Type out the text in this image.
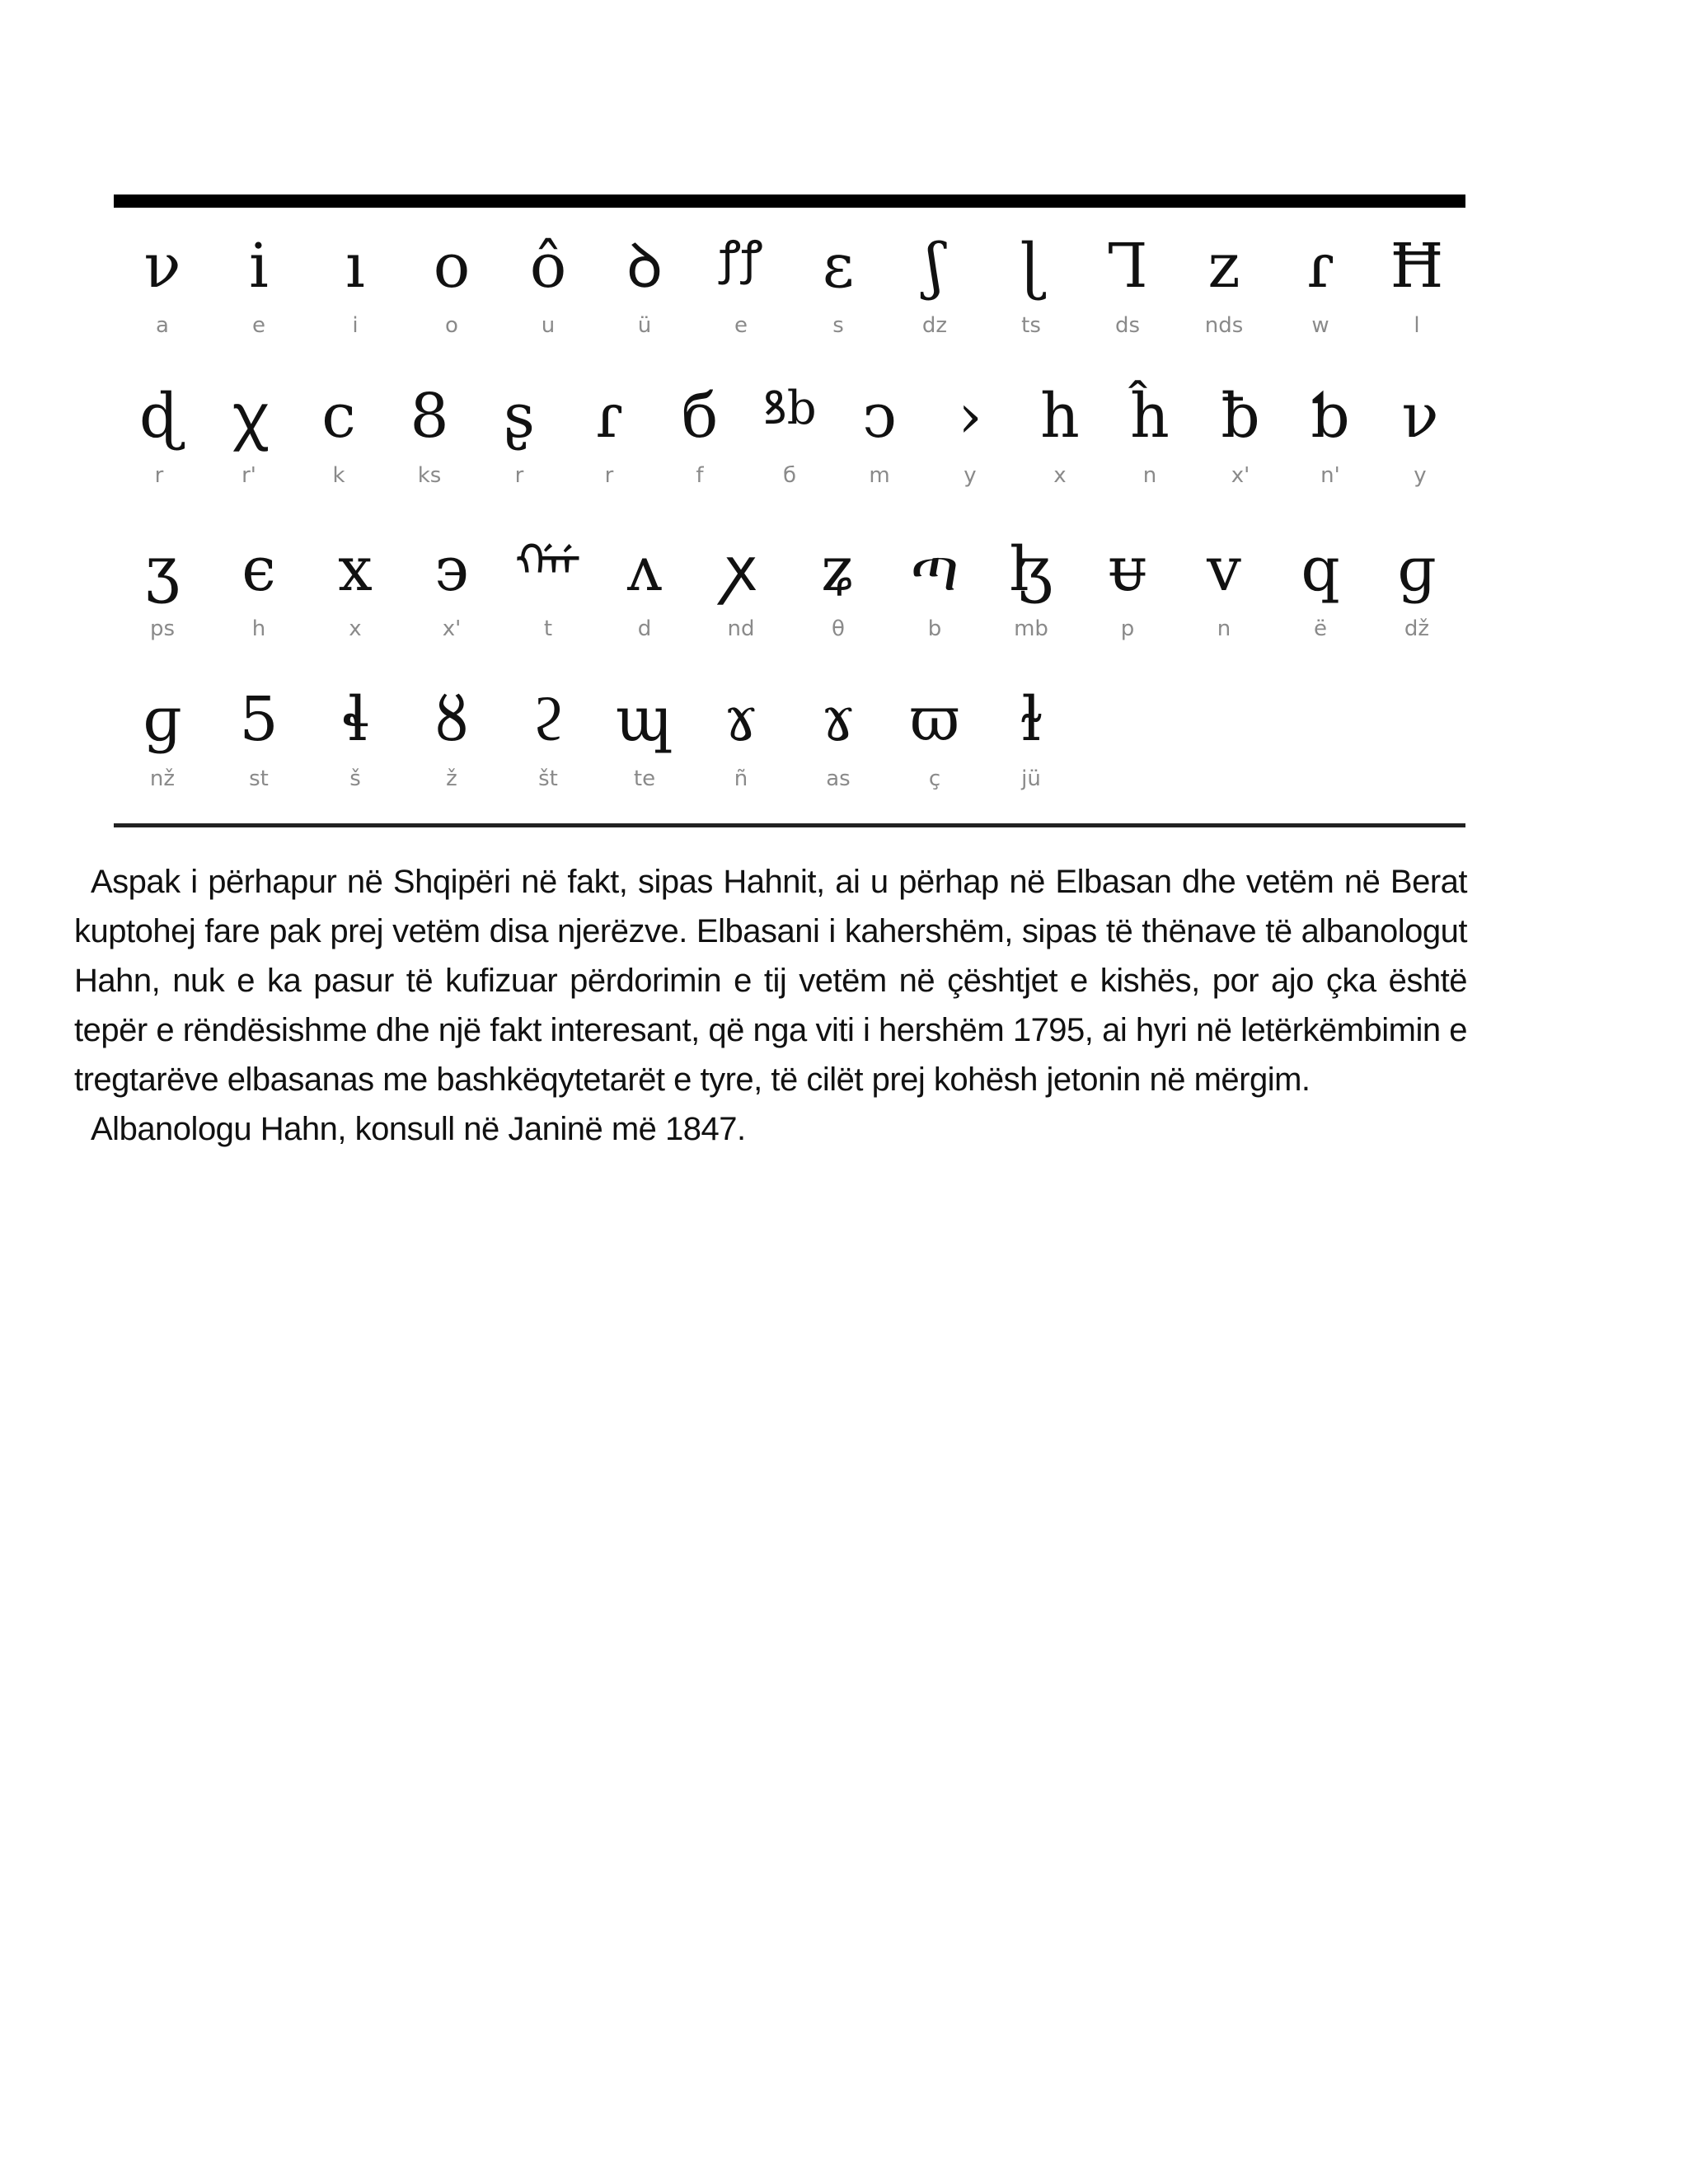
ν
a
i
e
ı
i
o
o
ô
u
ꝺ
ü
ꝭꝭ
e
ɛ
s
ʃ
dz
ɭ
ts
Ꞁ
ds
z
nds
ɾ
w
Ħ
l
ɖ
r
ꭓ
r'
c
k
8
ks
ʂ
r
ɾ
r
б
f
ꝸb
б
ↄ
m
›
y
h
x
ĥ
n
ƀ
x'
ƅ
n'
ν
y
ʒ
ps
є
h
x
x
϶
x'
ᡤᡤ
t
ʌ
d
ꭗ
nd
ʑ
θ
ጣ
b
ɮ
mb
ᵾ
p
v
n
q
ë
ɡ
dž
ɡ
nž
5
st
ɬ
š
ȣ
ž
ϩ
št
ɰ
te
ɤ
ñ
ɤ
as
ϖ
ç
ɫ
jü

Aspak i përhapur në Shqipëri në fakt, sipas Hahnit, ai u përhap në Elbasan dhe vetëm në Berat kuptohej fare pak prej vetëm disa njerëzve. Elbasani i kahershëm, sipas të thënave të albanologut Hahn, nuk e ka pasur të kufizuar përdorimin e tij vetëm në çështjet e kishës, por ajo çka është tepër e rëndësishme dhe një fakt interesant, që nga viti i hershëm 1795, ai hyri në letërkëmbimin e tregtarëve elbasanas me bashkëqytetarët e tyre, të cilët prej kohësh jetonin në mërgim.

Albanologu Hahn, konsull në Janinë më 1847.
